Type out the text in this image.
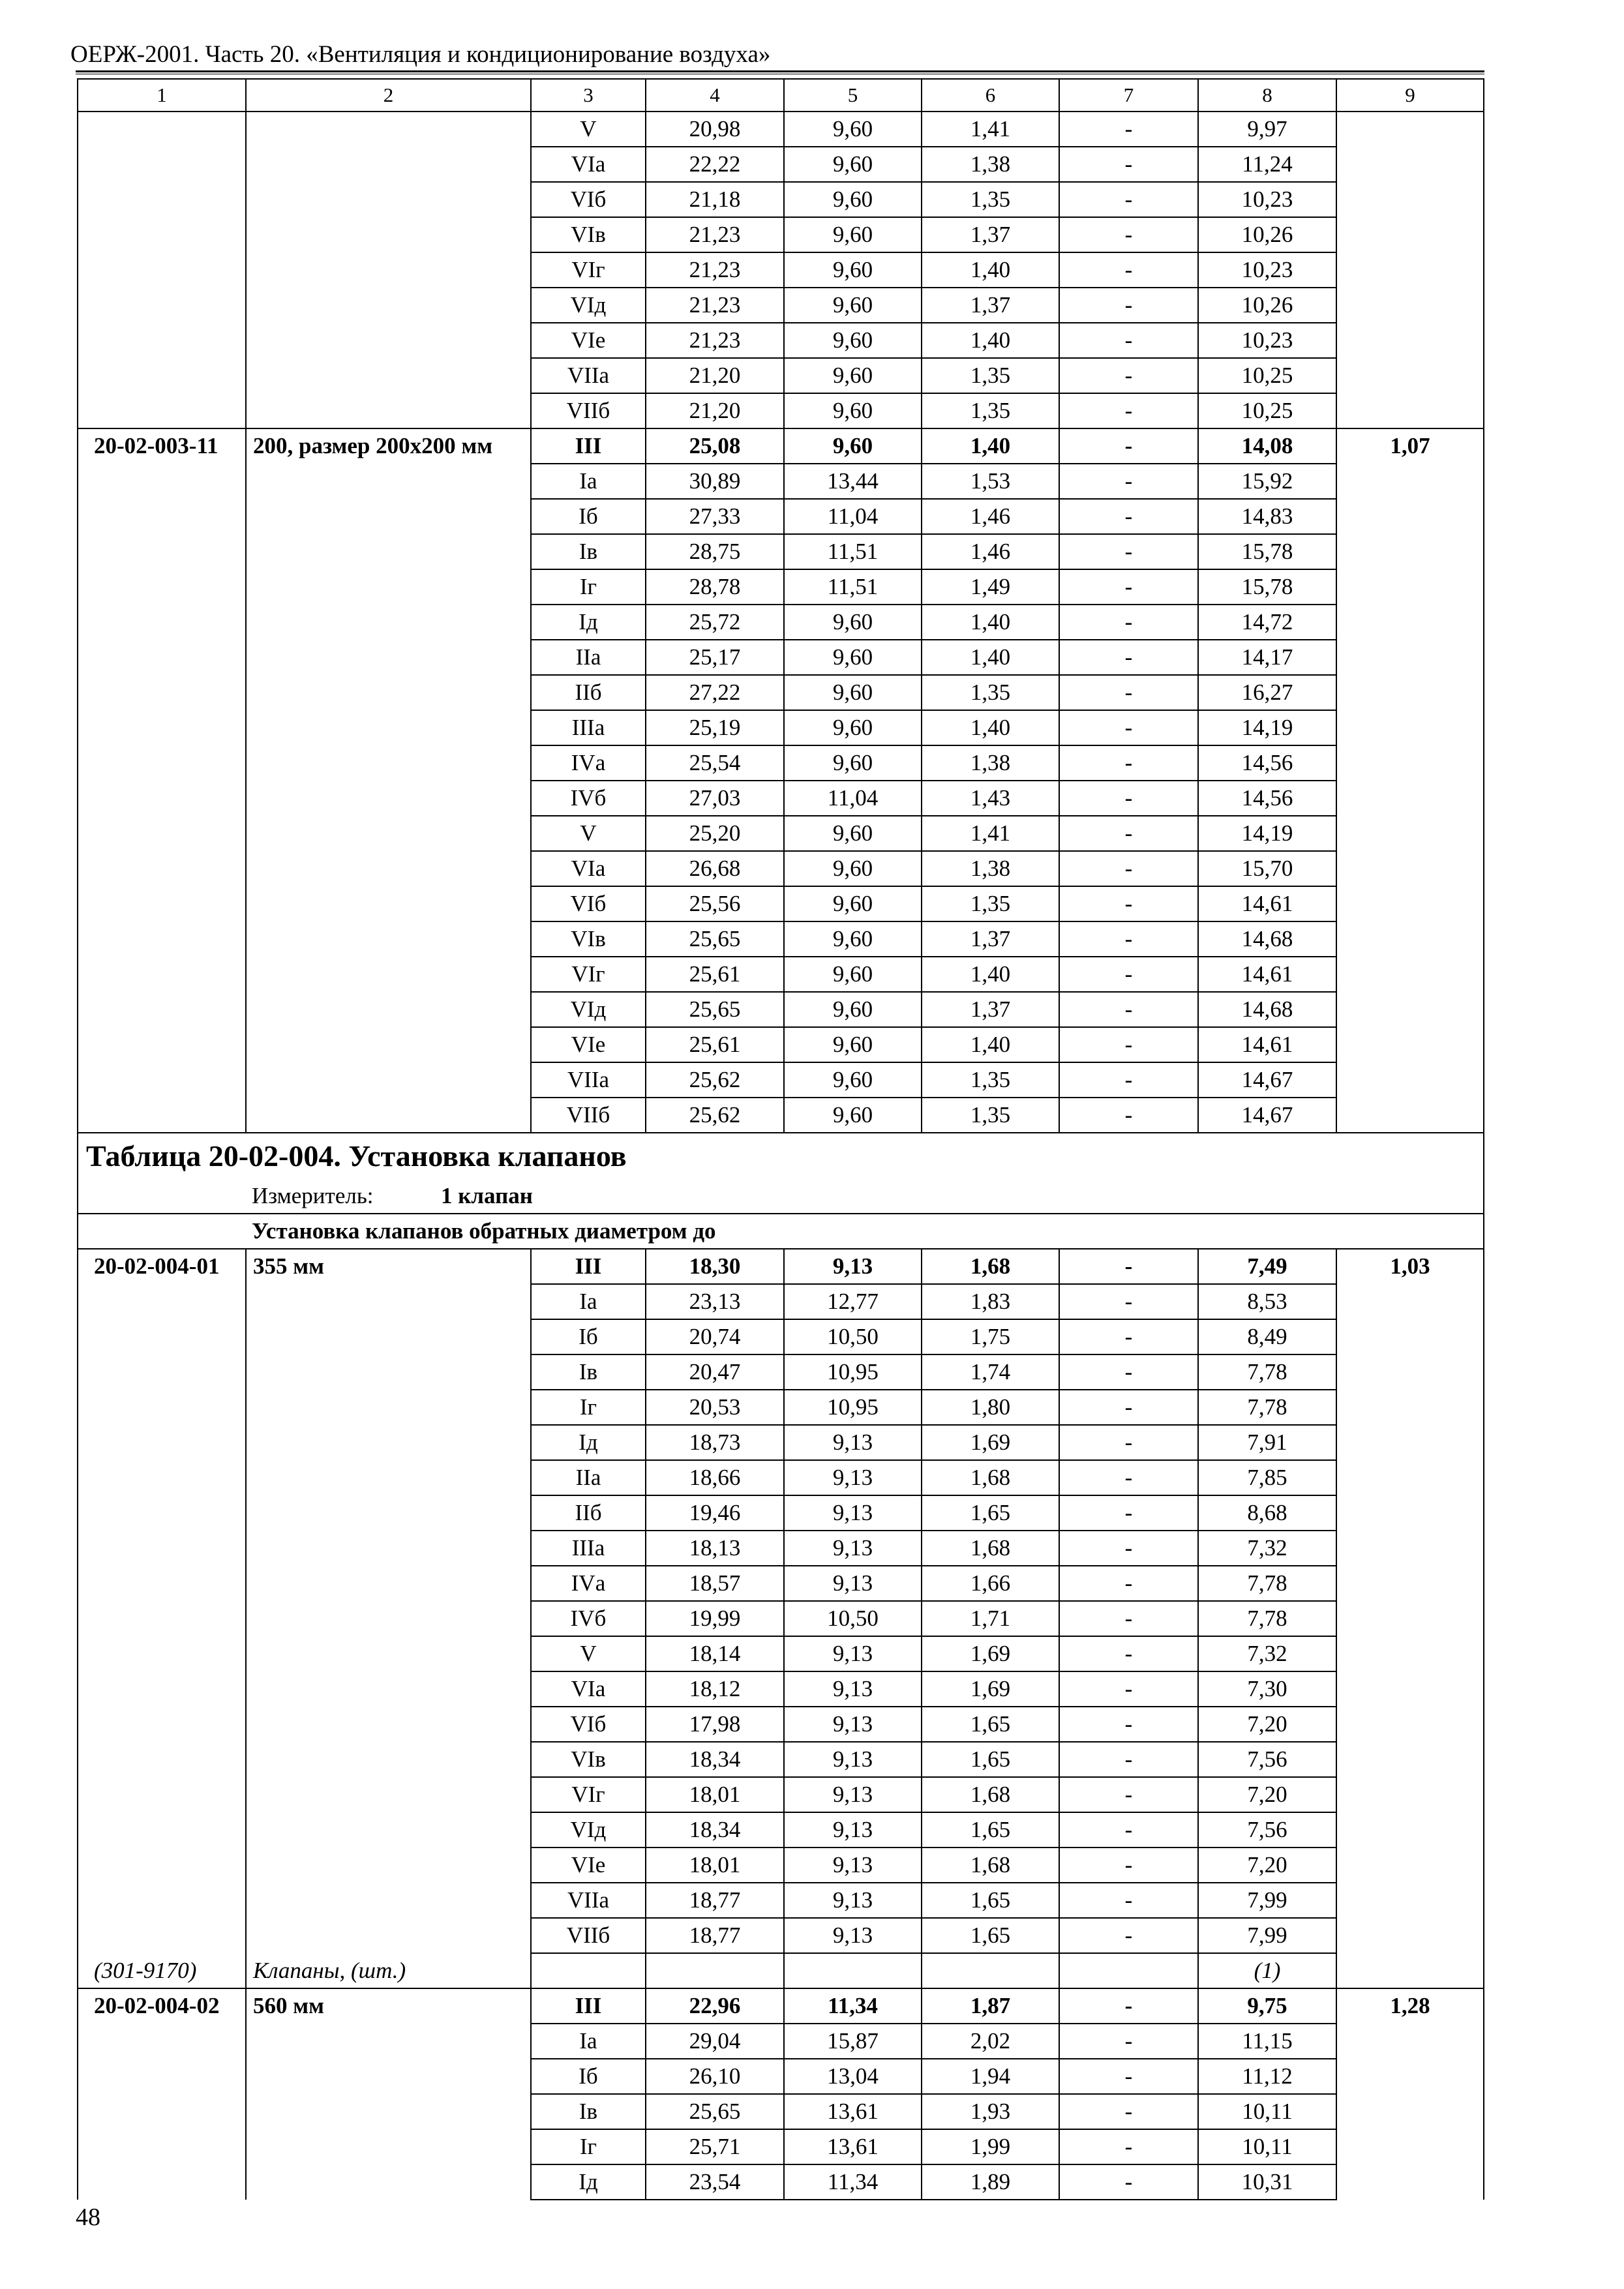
ОЕРЖ-2001. Часть 20. «Вентиляция и кондиционирование воздуха»
1	2	3	4	5	6	7	8	9
		V	20,98	9,60	1,41	-	9,97	
		VIа	22,22	9,60	1,38	-	11,24	
		VIб	21,18	9,60	1,35	-	10,23	
		VIв	21,23	9,60	1,37	-	10,26	
		VIг	21,23	9,60	1,40	-	10,23	
		VIд	21,23	9,60	1,37	-	10,26	
		VIе	21,23	9,60	1,40	-	10,23	
		VIIа	21,20	9,60	1,35	-	10,25	
		VIIб	21,20	9,60	1,35	-	10,25	
20-02-003-11	200, размер 200х200 мм	III	25,08	9,60	1,40	-	14,08	1,07
		Iа	30,89	13,44	1,53	-	15,92	
		Iб	27,33	11,04	1,46	-	14,83	
		Iв	28,75	11,51	1,46	-	15,78	
		Iг	28,78	11,51	1,49	-	15,78	
		Iд	25,72	9,60	1,40	-	14,72	
		IIа	25,17	9,60	1,40	-	14,17	
		IIб	27,22	9,60	1,35	-	16,27	
		IIIа	25,19	9,60	1,40	-	14,19	
		IVа	25,54	9,60	1,38	-	14,56	
		IVб	27,03	11,04	1,43	-	14,56	
		V	25,20	9,60	1,41	-	14,19	
		VIа	26,68	9,60	1,38	-	15,70	
		VIб	25,56	9,60	1,35	-	14,61	
		VIв	25,65	9,60	1,37	-	14,68	
		VIг	25,61	9,60	1,40	-	14,61	
		VIд	25,65	9,60	1,37	-	14,68	
		VIе	25,61	9,60	1,40	-	14,61	
		VIIа	25,62	9,60	1,35	-	14,67	
		VIIб	25,62	9,60	1,35	-	14,67	
Таблица 20-02-004. Установка клапанов								
Измеритель: 1 клапан								
Установка клапанов обратных диаметром до								
20-02-004-01	355 мм	III	18,30	9,13	1,68	-	7,49	1,03
		Iа	23,13	12,77	1,83	-	8,53	
		Iб	20,74	10,50	1,75	-	8,49	
		Iв	20,47	10,95	1,74	-	7,78	
		Iг	20,53	10,95	1,80	-	7,78	
		Iд	18,73	9,13	1,69	-	7,91	
		IIа	18,66	9,13	1,68	-	7,85	
		IIб	19,46	9,13	1,65	-	8,68	
		IIIа	18,13	9,13	1,68	-	7,32	
		IVа	18,57	9,13	1,66	-	7,78	
		IVб	19,99	10,50	1,71	-	7,78	
		V	18,14	9,13	1,69	-	7,32	
		VIа	18,12	9,13	1,69	-	7,30	
		VIб	17,98	9,13	1,65	-	7,20	
		VIв	18,34	9,13	1,65	-	7,56	
		VIг	18,01	9,13	1,68	-	7,20	
		VIд	18,34	9,13	1,65	-	7,56	
		VIе	18,01	9,13	1,68	-	7,20	
		VIIа	18,77	9,13	1,65	-	7,99	
		VIIб	18,77	9,13	1,65	-	7,99	
(301-9170)	Клапаны, (шт.)						(1)	
20-02-004-02	560 мм	III	22,96	11,34	1,87	-	9,75	1,28
		Iа	29,04	15,87	2,02	-	11,15	
		Iб	26,10	13,04	1,94	-	11,12	
		Iв	25,65	13,61	1,93	-	10,11	
		Iг	25,71	13,61	1,99	-	10,11	
		Iд	23,54	11,34	1,89	-	10,31	
48
